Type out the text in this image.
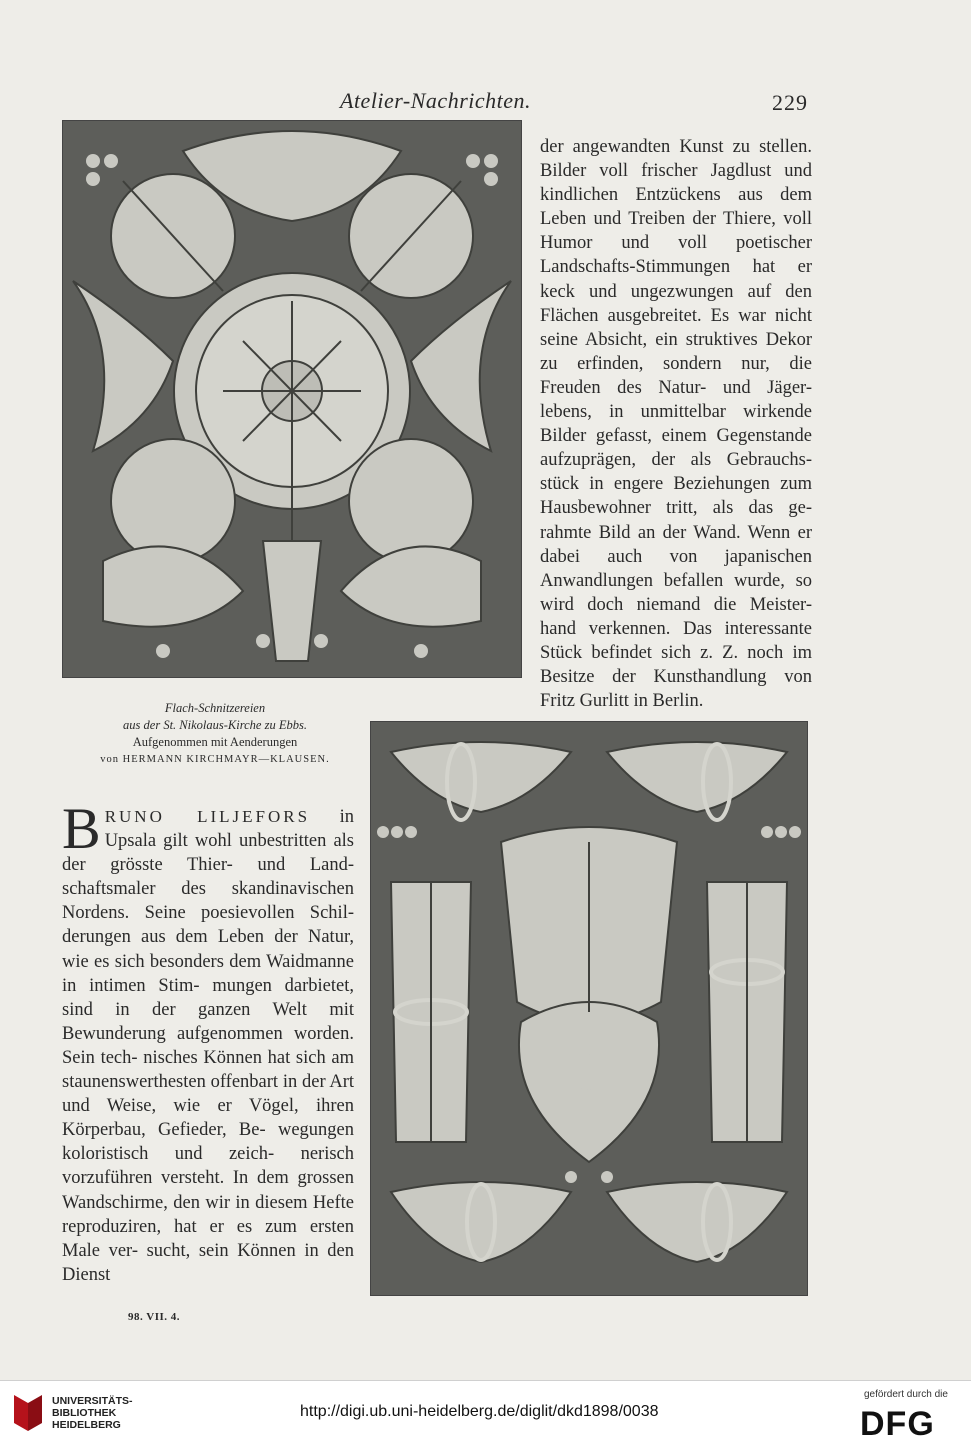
Atelier-Nachrichten.	229

der angewandten Kunst zu stellen. Bilder voll frischer Jagdlust und kindlichen Entzückens aus dem Leben und Treiben der Thiere, voll Humor und voll poetischer Landschafts-Stimmungen hat er keck und ungezwungen auf den Flächen ausgebreitet. Es war nicht seine Absicht, ein struktives Dekor zu erfinden, sondern nur, die Freuden des Natur- und Jäger- lebens, in unmittelbar wirkende Bilder gefasst, einem Gegenstande aufzuprägen, der als Gebrauchs- stück in engere Beziehungen zum Hausbewohner tritt, als das ge- rahmte Bild an der Wand. Wenn er dabei auch von japanischen Anwandlungen befallen wurde, so wird doch niemand die Meister- hand verkennen. Das interessante Stück befindet sich z. Z. noch im Besitze der Kunsthandlung von Fritz Gurlitt in Berlin.

Flach-Schnitzereien
aus der St. Nikolaus-Kirche zu Ebbs.
Aufgenommen mit Aenderungen
von HERMANN KIRCHMAYR—KLAUSEN.

B RUNO LILJEFORS in Upsala gilt wohl unbestritten als der grösste Thier- und Land- schaftsmaler des skandinavischen Nordens. Seine poesievollen Schil- derungen aus dem Leben der Natur, wie es sich besonders dem Waidmanne in intimen Stim- mungen darbietet, sind in der ganzen Welt mit Bewunderung aufgenommen worden. Sein tech- nisches Können hat sich am staunenswerthesten offenbart in der Art und Weise, wie er Vögel, ihren Körperbau, Gefieder, Be- wegungen koloristisch und zeich- nerisch vorzuführen versteht. In dem grossen Wandschirme, den wir in diesem Hefte reproduziren, hat er es zum ersten Male ver- sucht, sein Können in den Dienst

98. VII. 4.
UNIVERSITÄTS-
BIBLIOTHEK
HEIDELBERG
http://digi.ub.uni-heidelberg.de/diglit/dkd1898/0038
gefördert durch die
DFG
